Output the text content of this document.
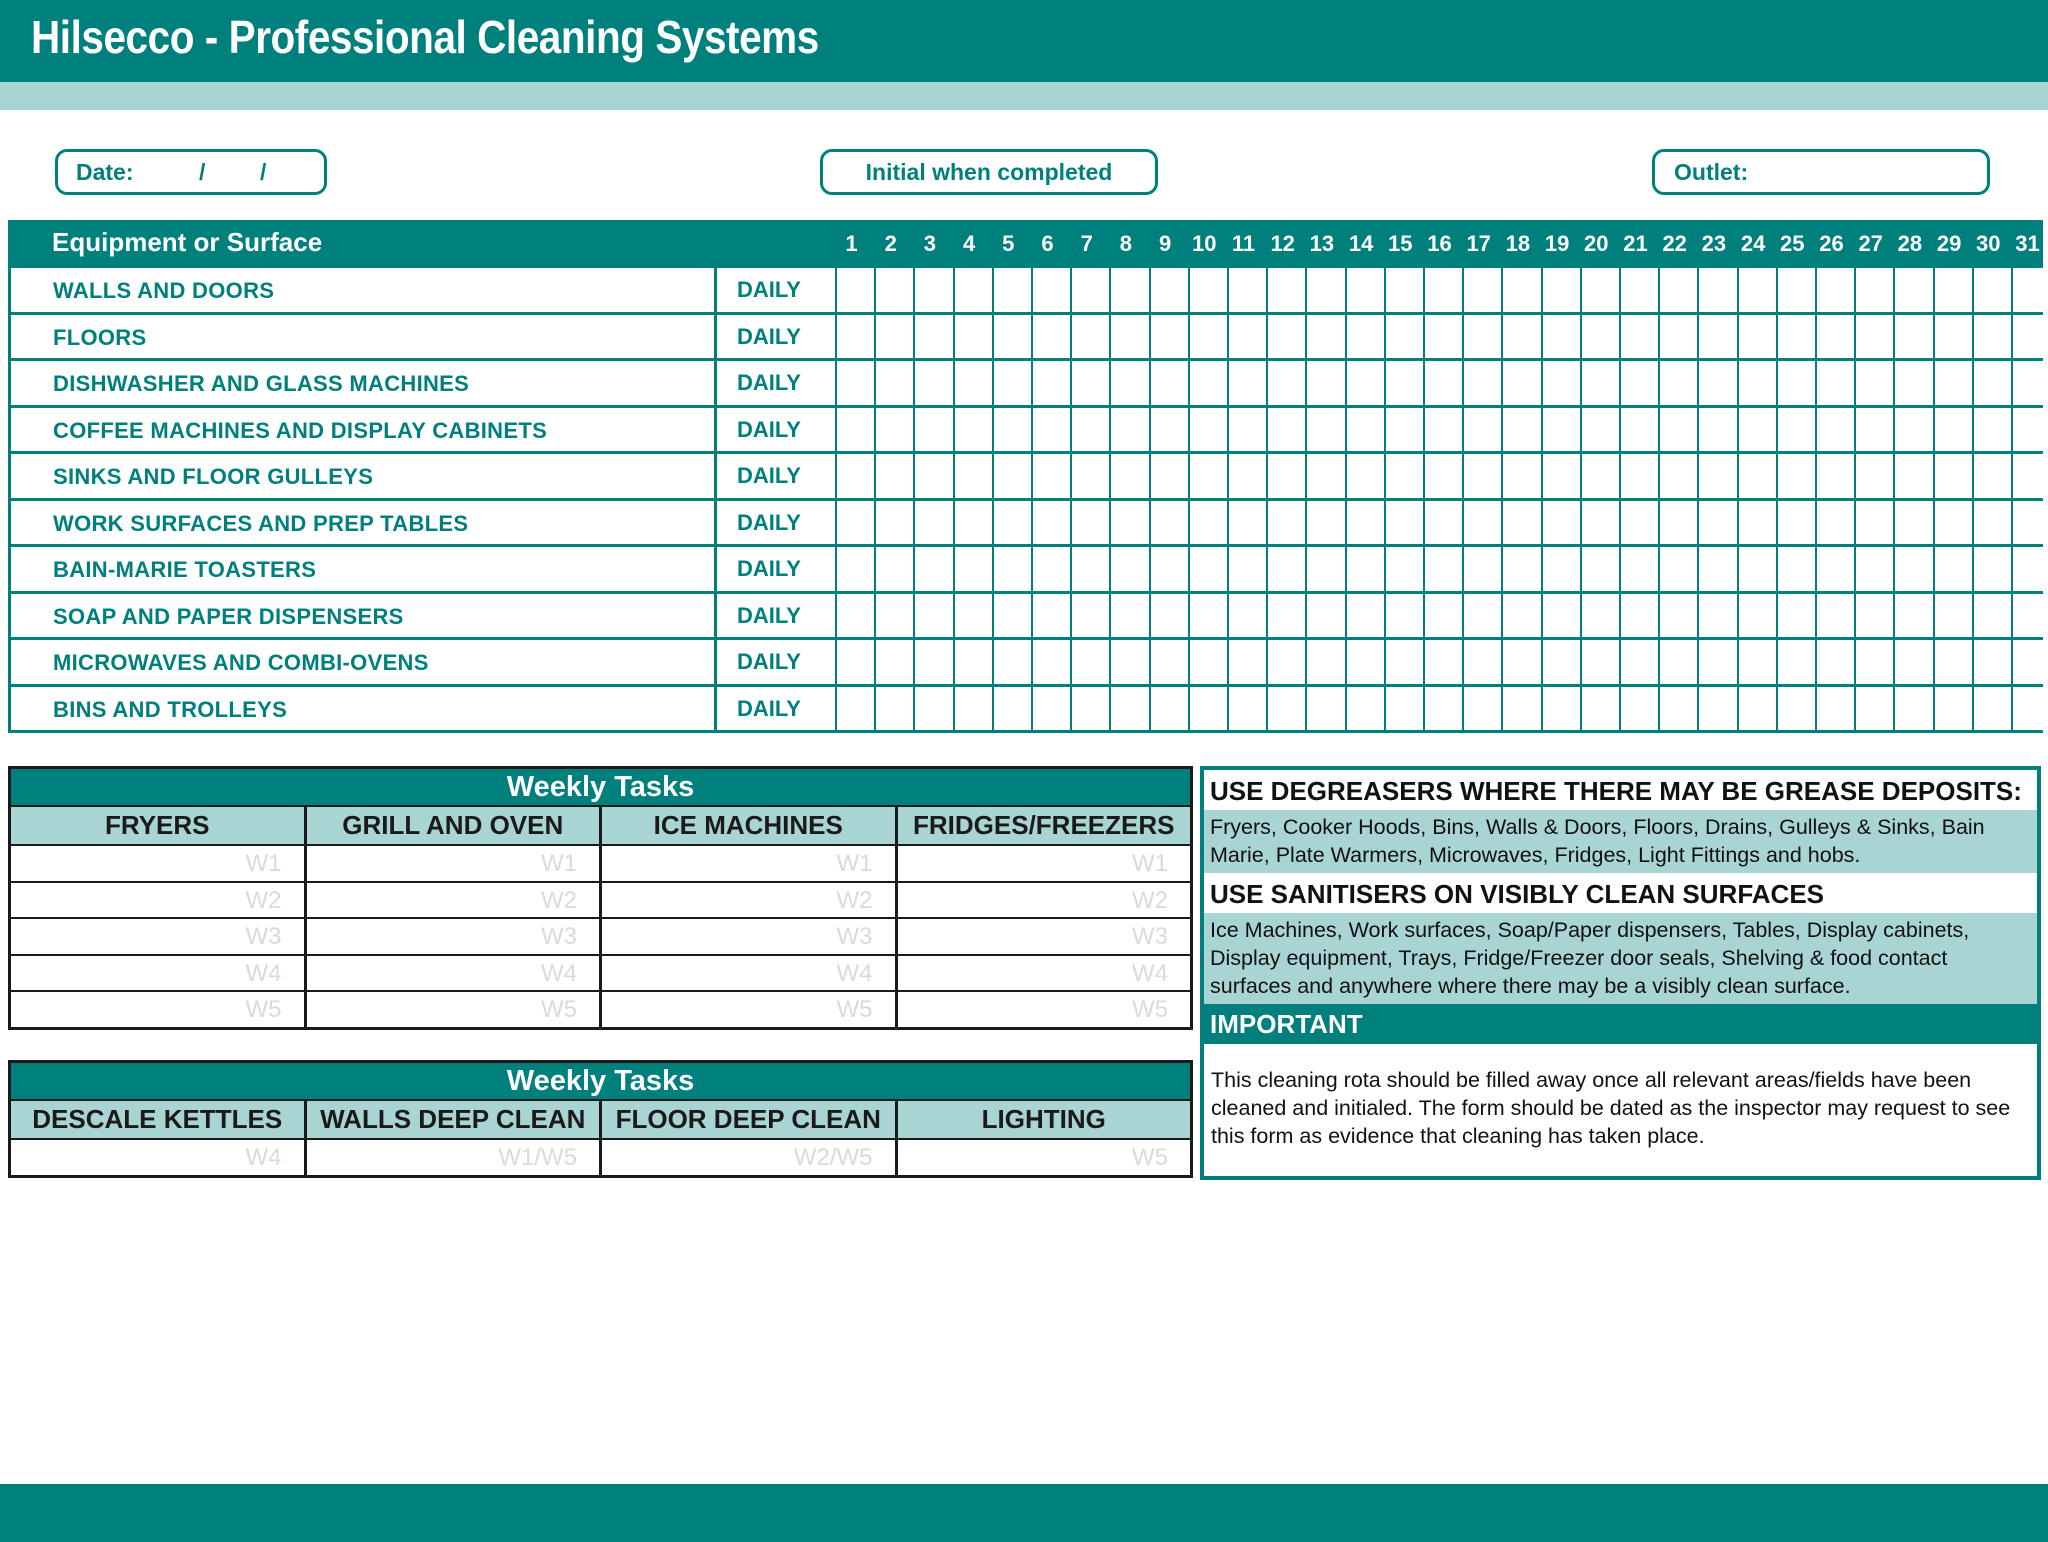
Hilsecco - Professional Cleaning Systems
Date:	/ /	Initial when completed	Outlet:
Equipment or Surface	1	2	3	4	5	6	7	8	9 10 11 12 13 14 15 16 17 18 19 20 21 22 23 24 25 26 27 28 29 30 31
WALLS AND DOORS	DAILY
FLOORS	DAILY
DISHWASHER AND GLASS MACHINES	DAILY
COFFEE MACHINES AND DISPLAY CABINETS	DAILY
SINKS AND FLOOR GULLEYS	DAILY
WORK SURFACES AND PREP TABLES	DAILY
BAIN-MARIE TOASTERS	DAILY
SOAP AND PAPER DISPENSERS	DAILY
MICROWAVES AND COMBI-OVENS	DAILY
BINS AND TROLLEYS	DAILY
Weekly Tasks
FRYERS	GRILL AND OVEN	ICE MACHINES	FRIDGES/FREEZERS
W1	W1	W1	W1
W2	W2	W2	W2
W3	W3	W3	W3
W4	W4	W4	W4
W5	W5	W5	W5
Weekly Tasks
DESCALE KETTLES	WALLS DEEP CLEAN	FLOOR DEEP CLEAN	LIGHTING
W4	W1/W5	W2/W5	W5
USE DEGREASERS WHERE THERE MAY BE GREASE DEPOSITS:
Fryers, Cooker Hoods, Bins, Walls & Doors, Floors, Drains, Gulleys & Sinks, Bain Marie, Plate Warmers, Microwaves, Fridges, Light Fittings and hobs.
USE SANITISERS ON VISIBLY CLEAN SURFACES
Ice Machines, Work surfaces, Soap/Paper dispensers, Tables, Display cabinets, Display equipment, Trays, Fridge/Freezer door seals, Shelving & food contact surfaces and anywhere where there may be a visibly clean surface.
IMPORTANT
This cleaning rota should be filled away once all relevant areas/fields have been cleaned and initialed. The form should be dated as the inspector may request to see this form as evidence that cleaning has taken place.
